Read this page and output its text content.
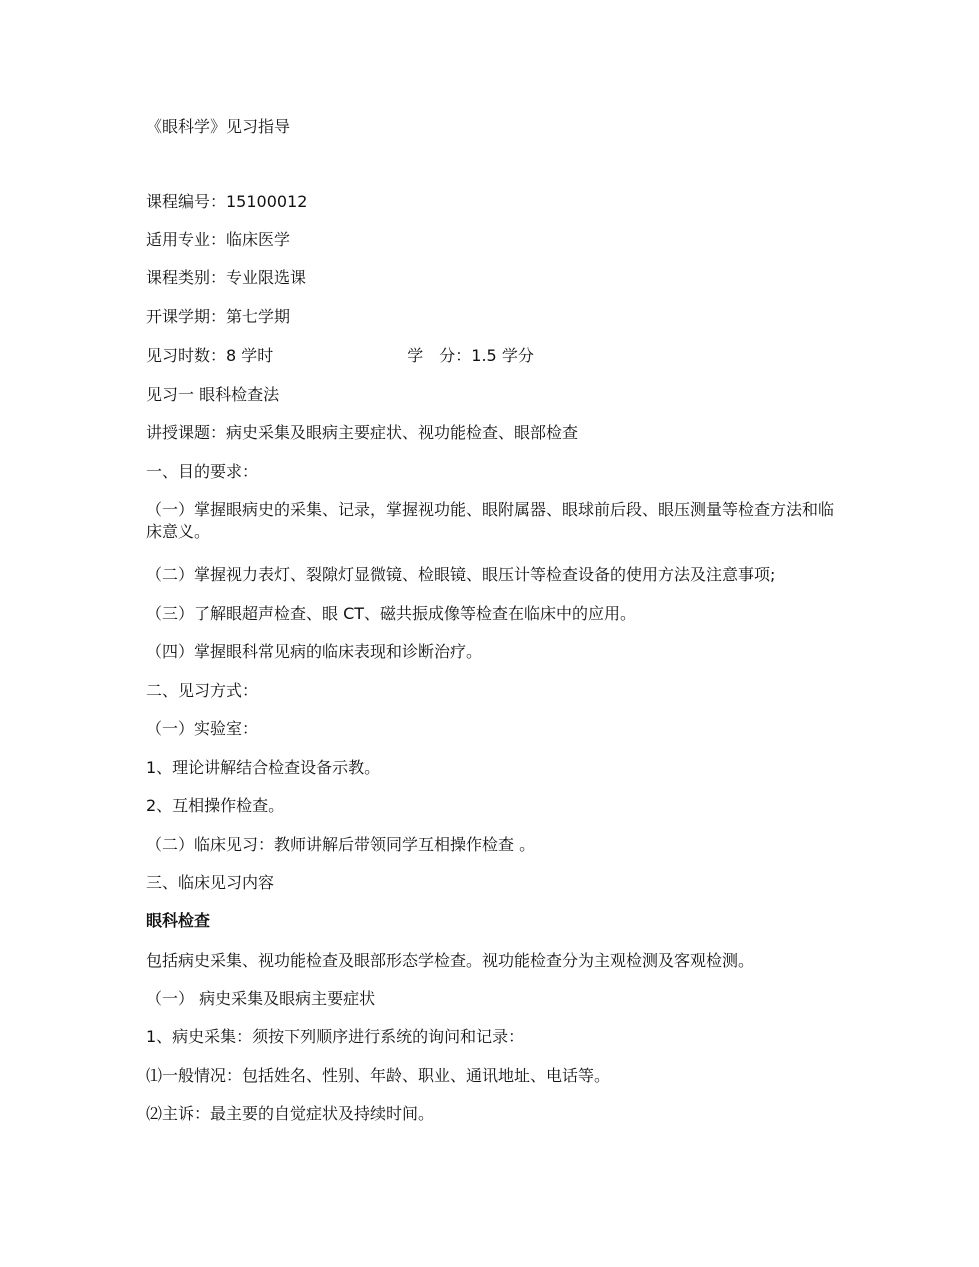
《眼科学》见习指导
课程编号：15100012
适用专业：临床医学
课程类别：专业限选课
开课学期：第七学期
见习时数：8 学时	学　分：1.5 学分
见习一 眼科检查法
讲授课题：病史采集及眼病主要症状、视功能检查、眼部检查
一、目的要求：
（一）掌握眼病史的采集、记录，掌握视功能、眼附属器、眼球前后段、眼压测量等检查方法和临床意义。
（二）掌握视力表灯、裂隙灯显微镜、检眼镜、眼压计等检查设备的使用方法及注意事项;
（三）了解眼超声检查、眼 CT、磁共振成像等检查在临床中的应用。
（四）掌握眼科常见病的临床表现和诊断治疗。
二、见习方式：
（一）实验室：
1、理论讲解结合检查设备示教。
2、互相操作检查。
（二）临床见习：教师讲解后带领同学互相操作检查 。
三、临床见习内容
眼科检查
包括病史采集、视功能检查及眼部形态学检查。视功能检查分为主观检测及客观检测。
（一） 病史采集及眼病主要症状
1、病史采集：须按下列顺序进行系统的询问和记录：
⑴一般情况：包括姓名、性别、年龄、职业、通讯地址、电话等。
⑵主诉：最主要的自觉症状及持续时间。
